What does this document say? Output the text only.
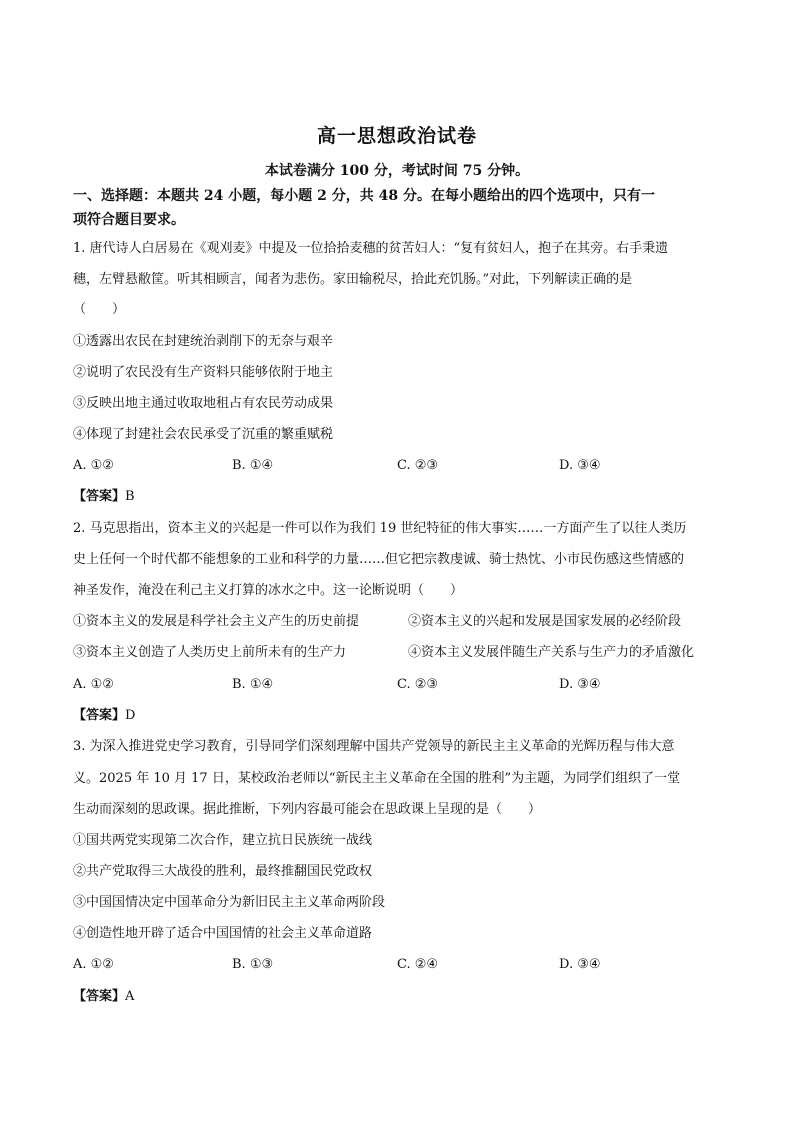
高一思想政治试卷
本试卷满分 100 分，考试时间 75 分钟。
一、选择题：本题共 24 小题，每小题 2 分，共 48 分。在每小题给出的四个选项中，只有一
项符合题目要求。
1. 唐代诗人白居易在《观刈麦》中提及一位拾拾麦穗的贫苦妇人：“复有贫妇人，抱子在其旁。右手秉遗
穗，左臂悬敝筐。听其相顾言，闻者为悲伤。家田输税尽，拾此充饥肠。”对此，下列解读正确的是
（　　）
①透露出农民在封建统治剥削下的无奈与艰辛
②说明了农民没有生产资料只能够依附于地主
③反映出地主通过收取地租占有农民劳动成果
④体现了封建社会农民承受了沉重的繁重赋税
A. ①②	B. ①④	C. ②③	D. ③④
【答案】B
2. 马克思指出，资本主义的兴起是一件可以作为我们 19 世纪特征的伟大事实……一方面产生了以往人类历
史上任何一个时代都不能想象的工业和科学的力量……但它把宗教虔诚、骑士热忱、小市民伤感这些情感的
神圣发作，淹没在利己主义打算的冰水之中。这一论断说明（　　）
①资本主义的发展是科学社会主义产生的历史前提	②资本主义的兴起和发展是国家发展的必经阶段
③资本主义创造了人类历史上前所未有的生产力	④资本主义发展伴随生产关系与生产力的矛盾激化
A. ①②	B. ①④	C. ②③	D. ③④
【答案】D
3. 为深入推进党史学习教育，引导同学们深刻理解中国共产党领导的新民主主义革命的光辉历程与伟大意
义。2025 年 10 月 17 日，某校政治老师以“新民主主义革命在全国的胜利”为主题，为同学们组织了一堂
生动而深刻的思政课。据此推断，下列内容最可能会在思政课上呈现的是（　　）
①国共两党实现第二次合作，建立抗日民族统一战线
②共产党取得三大战役的胜利，最终推翻国民党政权
③中国国情决定中国革命分为新旧民主主义革命两阶段
④创造性地开辟了适合中国国情的社会主义革命道路
A. ①②	B. ①③	C. ②④	D. ③④
【答案】A
